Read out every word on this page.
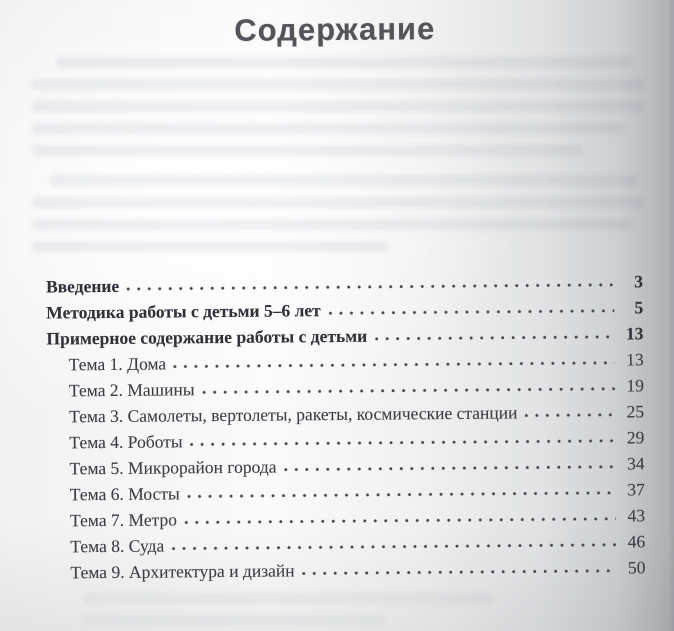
Содержание
Введение	3
Методика работы с детьми 5–6 лет	5
Примерное содержание работы с детьми	13
Тема 1. Дома	13
Тема 2. Машины	19
Тема 3. Самолеты, вертолеты, ракеты, космические станции	25
Тема 4. Роботы	29
Тема 5. Микрорайон города	34
Тема 6. Мосты	37
Тема 7. Метро	43
Тема 8. Суда	46
Тема 9. Архитектура и дизайн	50
